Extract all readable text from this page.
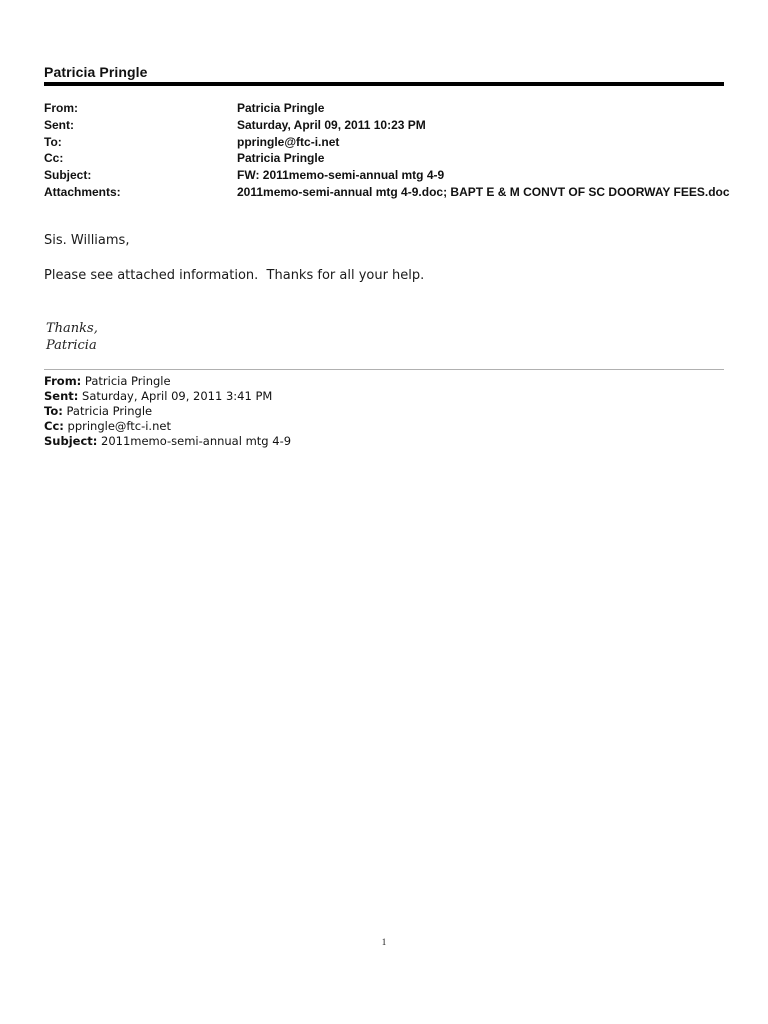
Patricia Pringle
From:	Patricia Pringle
Sent:	Saturday, April 09, 2011 10:23 PM
To:	ppringle@ftc-i.net
Cc:	Patricia Pringle
Subject:	FW: 2011memo-semi-annual mtg 4-9
Attachments:	2011memo-semi-annual mtg 4-9.doc; BAPT E & M CONVT OF SC DOORWAY FEES.doc
Sis. Williams,
Please see attached information.  Thanks for all your help.
Thanks,
Patricia
From: Patricia Pringle
Sent: Saturday, April 09, 2011 3:41 PM
To: Patricia Pringle
Cc: ppringle@ftc-i.net
Subject: 2011memo-semi-annual mtg 4-9
1
